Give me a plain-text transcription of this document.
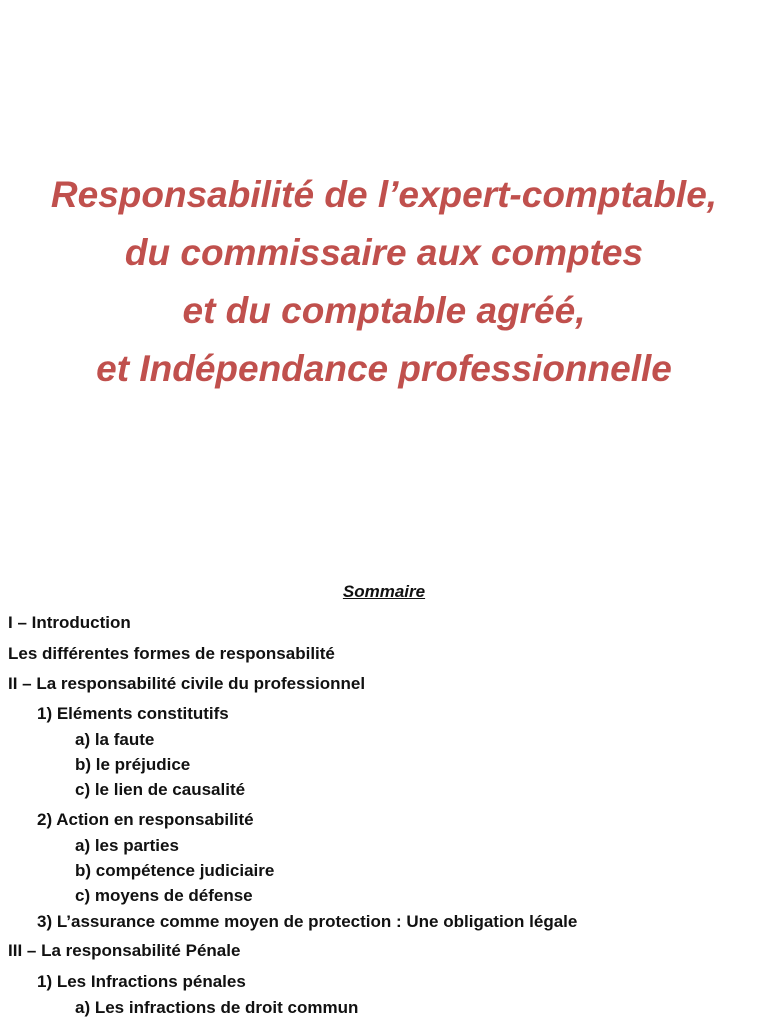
Responsabilité de l’expert-comptable,
du commissaire aux comptes
et du comptable agréé,
et Indépendance professionnelle
Sommaire
I – Introduction
Les différentes formes de responsabilité
II – La responsabilité civile du professionnel
1) Eléments constitutifs
a) la faute
b) le préjudice
c) le lien de causalité
2) Action en responsabilité
a) les parties
b) compétence judiciaire
c) moyens de défense
3) L’assurance comme moyen de protection : Une obligation légale
III – La responsabilité Pénale
1) Les Infractions pénales
a) Les infractions de droit commun
